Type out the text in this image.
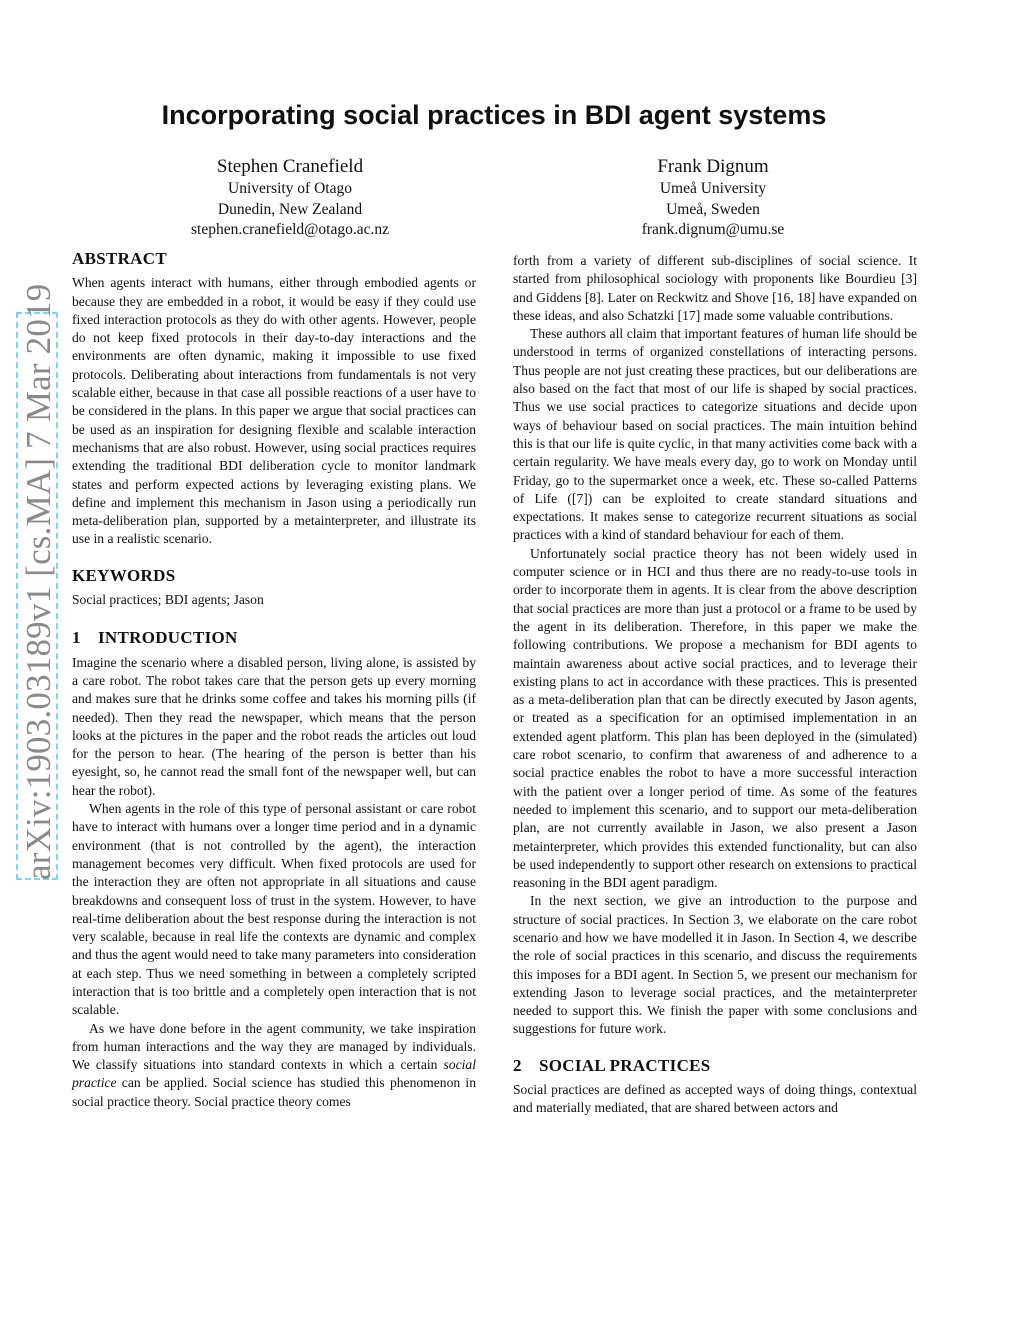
arXiv:1903.03189v1 [cs.MA] 7 Mar 2019
Incorporating social practices in BDI agent systems
Stephen Cranefield
University of Otago
Dunedin, New Zealand
stephen.cranefield@otago.ac.nz
Frank Dignum
Umeå University
Umeå, Sweden
frank.dignum@umu.se
ABSTRACT

When agents interact with humans, either through embodied agents or because they are embedded in a robot, it would be easy if they could use fixed interaction protocols as they do with other agents. However, people do not keep fixed protocols in their day-to-day interactions and the environments are often dynamic, making it impossible to use fixed protocols. Deliberating about interactions from fundamentals is not very scalable either, because in that case all possible reactions of a user have to be considered in the plans. In this paper we argue that social practices can be used as an inspiration for designing flexible and scalable interaction mechanisms that are also robust. However, using social practices requires extending the traditional BDI deliberation cycle to monitor landmark states and perform expected actions by leveraging existing plans. We define and implement this mechanism in Jason using a periodically run meta-deliberation plan, supported by a metainterpreter, and illustrate its use in a realistic scenario.

KEYWORDS

Social practices; BDI agents; Jason

1 INTRODUCTION

Imagine the scenario where a disabled person, living alone, is assisted by a care robot. The robot takes care that the person gets up every morning and makes sure that he drinks some coffee and takes his morning pills (if needed). Then they read the newspaper, which means that the person looks at the pictures in the paper and the robot reads the articles out loud for the person to hear. (The hearing of the person is better than his eyesight, so, he cannot read the small font of the newspaper well, but can hear the robot).

When agents in the role of this type of personal assistant or care robot have to interact with humans over a longer time period and in a dynamic environment (that is not controlled by the agent), the interaction management becomes very difficult. When fixed protocols are used for the interaction they are often not appropriate in all situations and cause breakdowns and consequent loss of trust in the system. However, to have real-time deliberation about the best response during the interaction is not very scalable, because in real life the contexts are dynamic and complex and thus the agent would need to take many parameters into consideration at each step. Thus we need something in between a completely scripted interaction that is too brittle and a completely open interaction that is not scalable.

As we have done before in the agent community, we take inspiration from human interactions and the way they are managed by individuals. We classify situations into standard contexts in which a certain social practice can be applied. Social science has studied this phenomenon in social practice theory. Social practice theory comes

forth from a variety of different sub-disciplines of social science. It started from philosophical sociology with proponents like Bourdieu [3] and Giddens [8]. Later on Reckwitz and Shove [16, 18] have expanded on these ideas, and also Schatzki [17] made some valuable contributions.

These authors all claim that important features of human life should be understood in terms of organized constellations of interacting persons. Thus people are not just creating these practices, but our deliberations are also based on the fact that most of our life is shaped by social practices. Thus we use social practices to categorize situations and decide upon ways of behaviour based on social practices. The main intuition behind this is that our life is quite cyclic, in that many activities come back with a certain regularity. We have meals every day, go to work on Monday until Friday, go to the supermarket once a week, etc. These so-called Patterns of Life ([7]) can be exploited to create standard situations and expectations. It makes sense to categorize recurrent situations as social practices with a kind of standard behaviour for each of them.

Unfortunately social practice theory has not been widely used in computer science or in HCI and thus there are no ready-to-use tools in order to incorporate them in agents. It is clear from the above description that social practices are more than just a protocol or a frame to be used by the agent in its deliberation. Therefore, in this paper we make the following contributions. We propose a mechanism for BDI agents to maintain awareness about active social practices, and to leverage their existing plans to act in accordance with these practices. This is presented as a meta-deliberation plan that can be directly executed by Jason agents, or treated as a specification for an optimised implementation in an extended agent platform. This plan has been deployed in the (simulated) care robot scenario, to confirm that awareness of and adherence to a social practice enables the robot to have a more successful interaction with the patient over a longer period of time. As some of the features needed to implement this scenario, and to support our meta-deliberation plan, are not currently available in Jason, we also present a Jason metainterpreter, which provides this extended functionality, but can also be used independently to support other research on extensions to practical reasoning in the BDI agent paradigm.

In the next section, we give an introduction to the purpose and structure of social practices. In Section 3, we elaborate on the care robot scenario and how we have modelled it in Jason. In Section 4, we describe the role of social practices in this scenario, and discuss the requirements this imposes for a BDI agent. In Section 5, we present our mechanism for extending Jason to leverage social practices, and the metainterpreter needed to support this. We finish the paper with some conclusions and suggestions for future work.

2 SOCIAL PRACTICES

Social practices are defined as accepted ways of doing things, contextual and materially mediated, that are shared between actors and
